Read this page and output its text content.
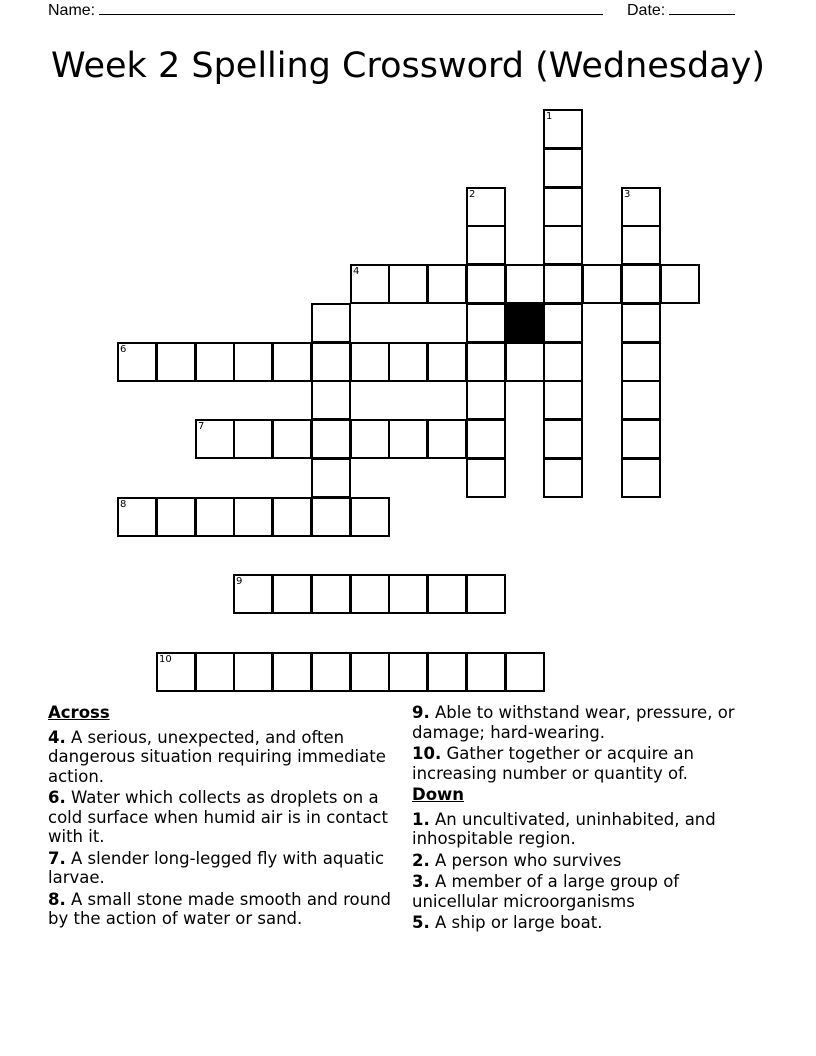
Name:	Date:
Week 2 Spelling Crossword (Wednesday)
1
2	3
4
6
7
8
9
10
Across
4. A serious, unexpected, and often dangerous situation requiring immediate action.
6. Water which collects as droplets on a cold surface when humid air is in contact with it.
7. A slender long-legged fly with aquatic larvae.
8. A small stone made smooth and round by the action of water or sand.
9. Able to withstand wear, pressure, or damage; hard-wearing.
10. Gather together or acquire an increasing number or quantity of.
Down
1. An uncultivated, uninhabited, and inhospitable region.
2. A person who survives
3. A member of a large group of unicellular microorganisms
5. A ship or large boat.
